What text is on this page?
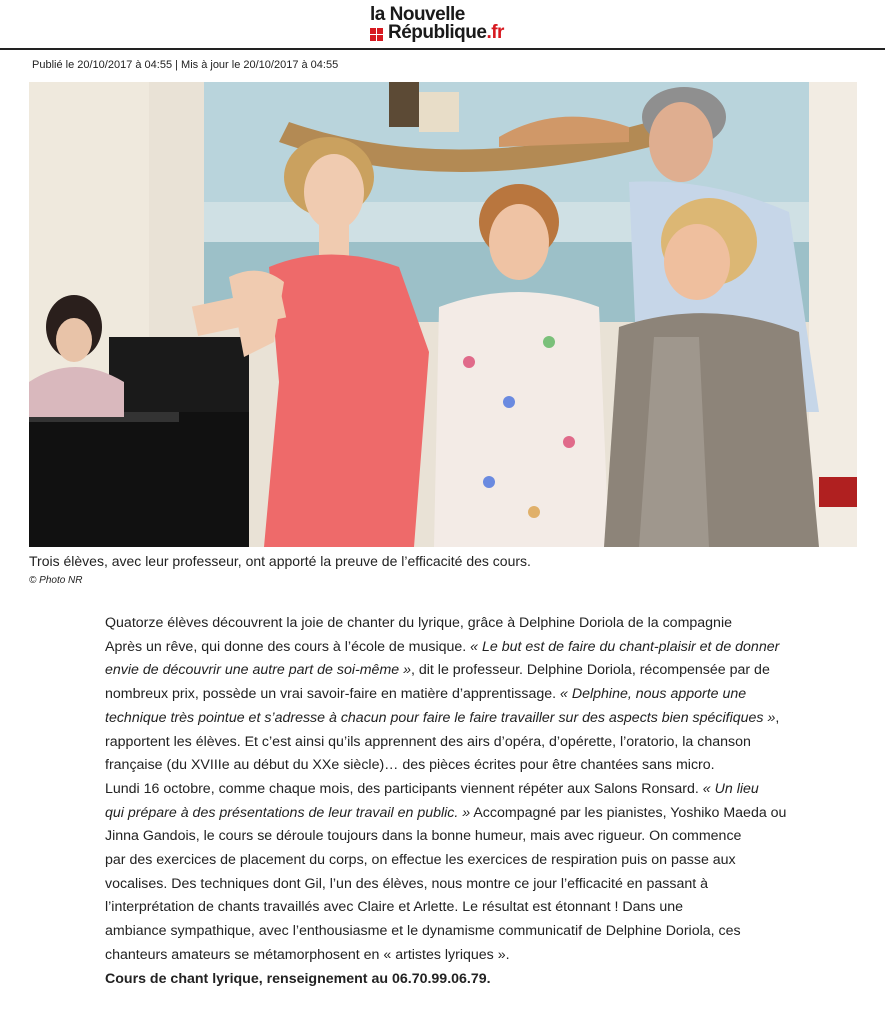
la Nouvelle
République.fr
Publié le 20/10/2017 à 04:55 | Mis à jour le 20/10/2017 à 04:55
Trois élèves, avec leur professeur, ont apporté la preuve de l’efficacité des cours.
© Photo NR

Quatorze élèves découvrent la joie de chanter du lyrique, grâce à Delphine Doriola de la compagnie

Après un rêve, qui donne des cours à l’école de musique. « Le but est de faire du chant-plaisir et de donner

envie de découvrir une autre part de soi-même », dit le professeur. Delphine Doriola, récompensée par de

nombreux prix, possède un vrai savoir-faire en matière d’apprentissage. « Delphine, nous apporte une

technique très pointue et s’adresse à chacun pour faire le faire travailler sur des aspects bien spécifiques »,

rapportent les élèves. Et c’est ainsi qu’ils apprennent des airs d’opéra, d’opérette, l’oratorio, la chanson

française (du XVIIIe au début du XXe siècle)… des pièces écrites pour être chantées sans micro.

Lundi 16 octobre, comme chaque mois, des participants viennent répéter aux Salons Ronsard. « Un lieu

qui prépare à des présentations de leur travail en public. » Accompagné par les pianistes, Yoshiko Maeda ou

Jinna Gandois, le cours se déroule toujours dans la bonne humeur, mais avec rigueur. On commence

par des exercices de placement du corps, on effectue les exercices de respiration puis on passe aux

vocalises. Des techniques dont Gil, l’un des élèves, nous montre ce jour l’efficacité en passant à

l’interprétation de chants travaillés avec Claire et Arlette. Le résultat est étonnant ! Dans une

ambiance sympathique, avec l’enthousiasme et le dynamisme communicatif de Delphine Doriola, ces

chanteurs amateurs se métamorphosent en « artistes lyriques ».

Cours de chant lyrique, renseignement au 06.70.99.06.79.
